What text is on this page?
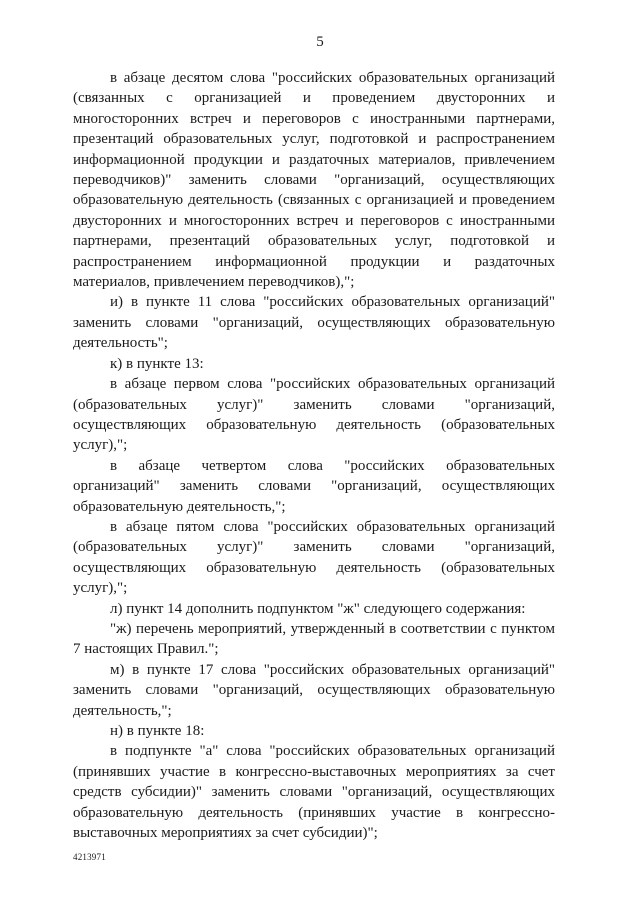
5

в абзаце десятом слова "российских образовательных организаций (связанных с организацией и проведением двусторонних и многосторонних встреч и переговоров с иностранными партнерами, презентаций образовательных услуг, подготовкой и распространением информационной продукции и раздаточных материалов, привлечением переводчиков)" заменить словами "организаций, осуществляющих образовательную деятельность (связанных с организацией и проведением двусторонних и многосторонних встреч и переговоров с иностранными партнерами, презентаций образовательных услуг, подготовкой и распространением информационной продукции и раздаточных материалов, привлечением переводчиков),";

и) в пункте 11 слова "российских образовательных организаций" заменить словами "организаций, осуществляющих образовательную деятельность";

к) в пункте 13:

в абзаце первом слова "российских образовательных организаций (образовательных услуг)" заменить словами "организаций, осуществляющих образовательную деятельность (образовательных услуг),";

в абзаце четвертом слова "российских образовательных организаций" заменить словами "организаций, осуществляющих образовательную деятельность,";

в абзаце пятом слова "российских образовательных организаций (образовательных услуг)" заменить словами "организаций, осуществляющих образовательную деятельность (образовательных услуг),";

л) пункт 14 дополнить подпунктом "ж" следующего содержания:

"ж) перечень мероприятий, утвержденный в соответствии с пунктом 7 настоящих Правил.";

м) в пункте 17 слова "российских образовательных организаций" заменить словами "организаций, осуществляющих образовательную деятельность,";

н) в пункте 18:

в подпункте "а" слова "российских образовательных организаций (принявших участие в конгрессно-выставочных мероприятиях за счет средств субсидии)" заменить словами "организаций, осуществляющих образовательную деятельность (принявших участие в конгрессно-выставочных мероприятиях за счет субсидии)";

4213971
